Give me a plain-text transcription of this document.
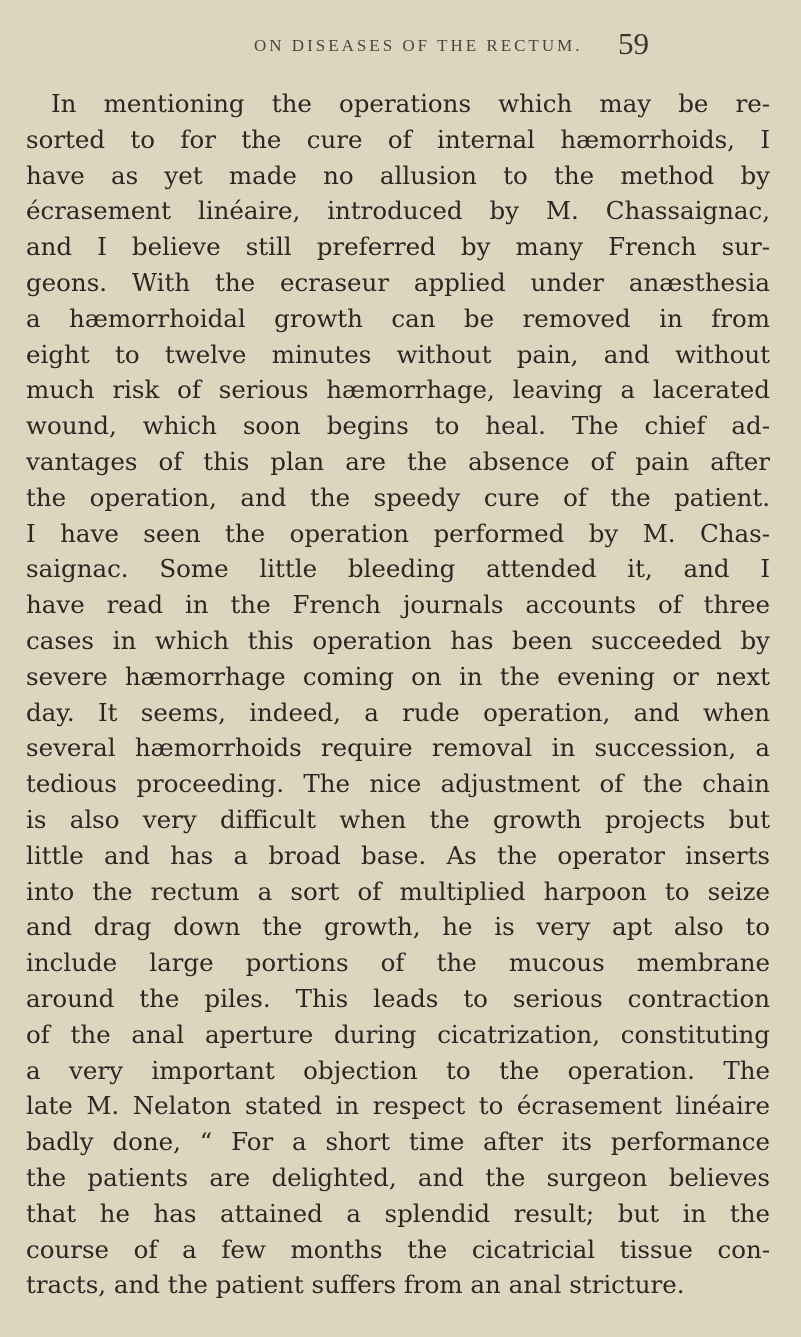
ON DISEASES OF THE RECTUM. 59
In mentioning the operations which may be re-
sorted to for the cure of internal hæmorrhoids, I
have as yet made no allusion to the method by
écrasement linéaire, introduced by M. Chassaignac,
and I believe still preferred by many French sur-
geons. With the ecraseur applied under anæsthesia
a hæmorrhoidal growth can be removed in from
eight to twelve minutes without pain, and without
much risk of serious hæmorrhage, leaving a lacerated
wound, which soon begins to heal. The chief ad-
vantages of this plan are the absence of pain after
the operation, and the speedy cure of the patient.
I have seen the operation performed by M. Chas-
saignac. Some little bleeding attended it, and I
have read in the French journals accounts of three
cases in which this operation has been succeeded by
severe hæmorrhage coming on in the evening or next
day. It seems, indeed, a rude operation, and when
several hæmorrhoids require removal in succession, a
tedious proceeding. The nice adjustment of the chain
is also very difficult when the growth projects but
little and has a broad base. As the operator inserts
into the rectum a sort of multiplied harpoon to seize
and drag down the growth, he is very apt also to
include large portions of the mucous membrane
around the piles. This leads to serious contraction
of the anal aperture during cicatrization, constituting
a very important objection to the operation. The
late M. Nelaton stated in respect to écrasement linéaire
badly done, “ For a short time after its performance
the patients are delighted, and the surgeon believes
that he has attained a splendid result; but in the
course of a few months the cicatricial tissue con-
tracts, and the patient suffers from an anal stricture.
